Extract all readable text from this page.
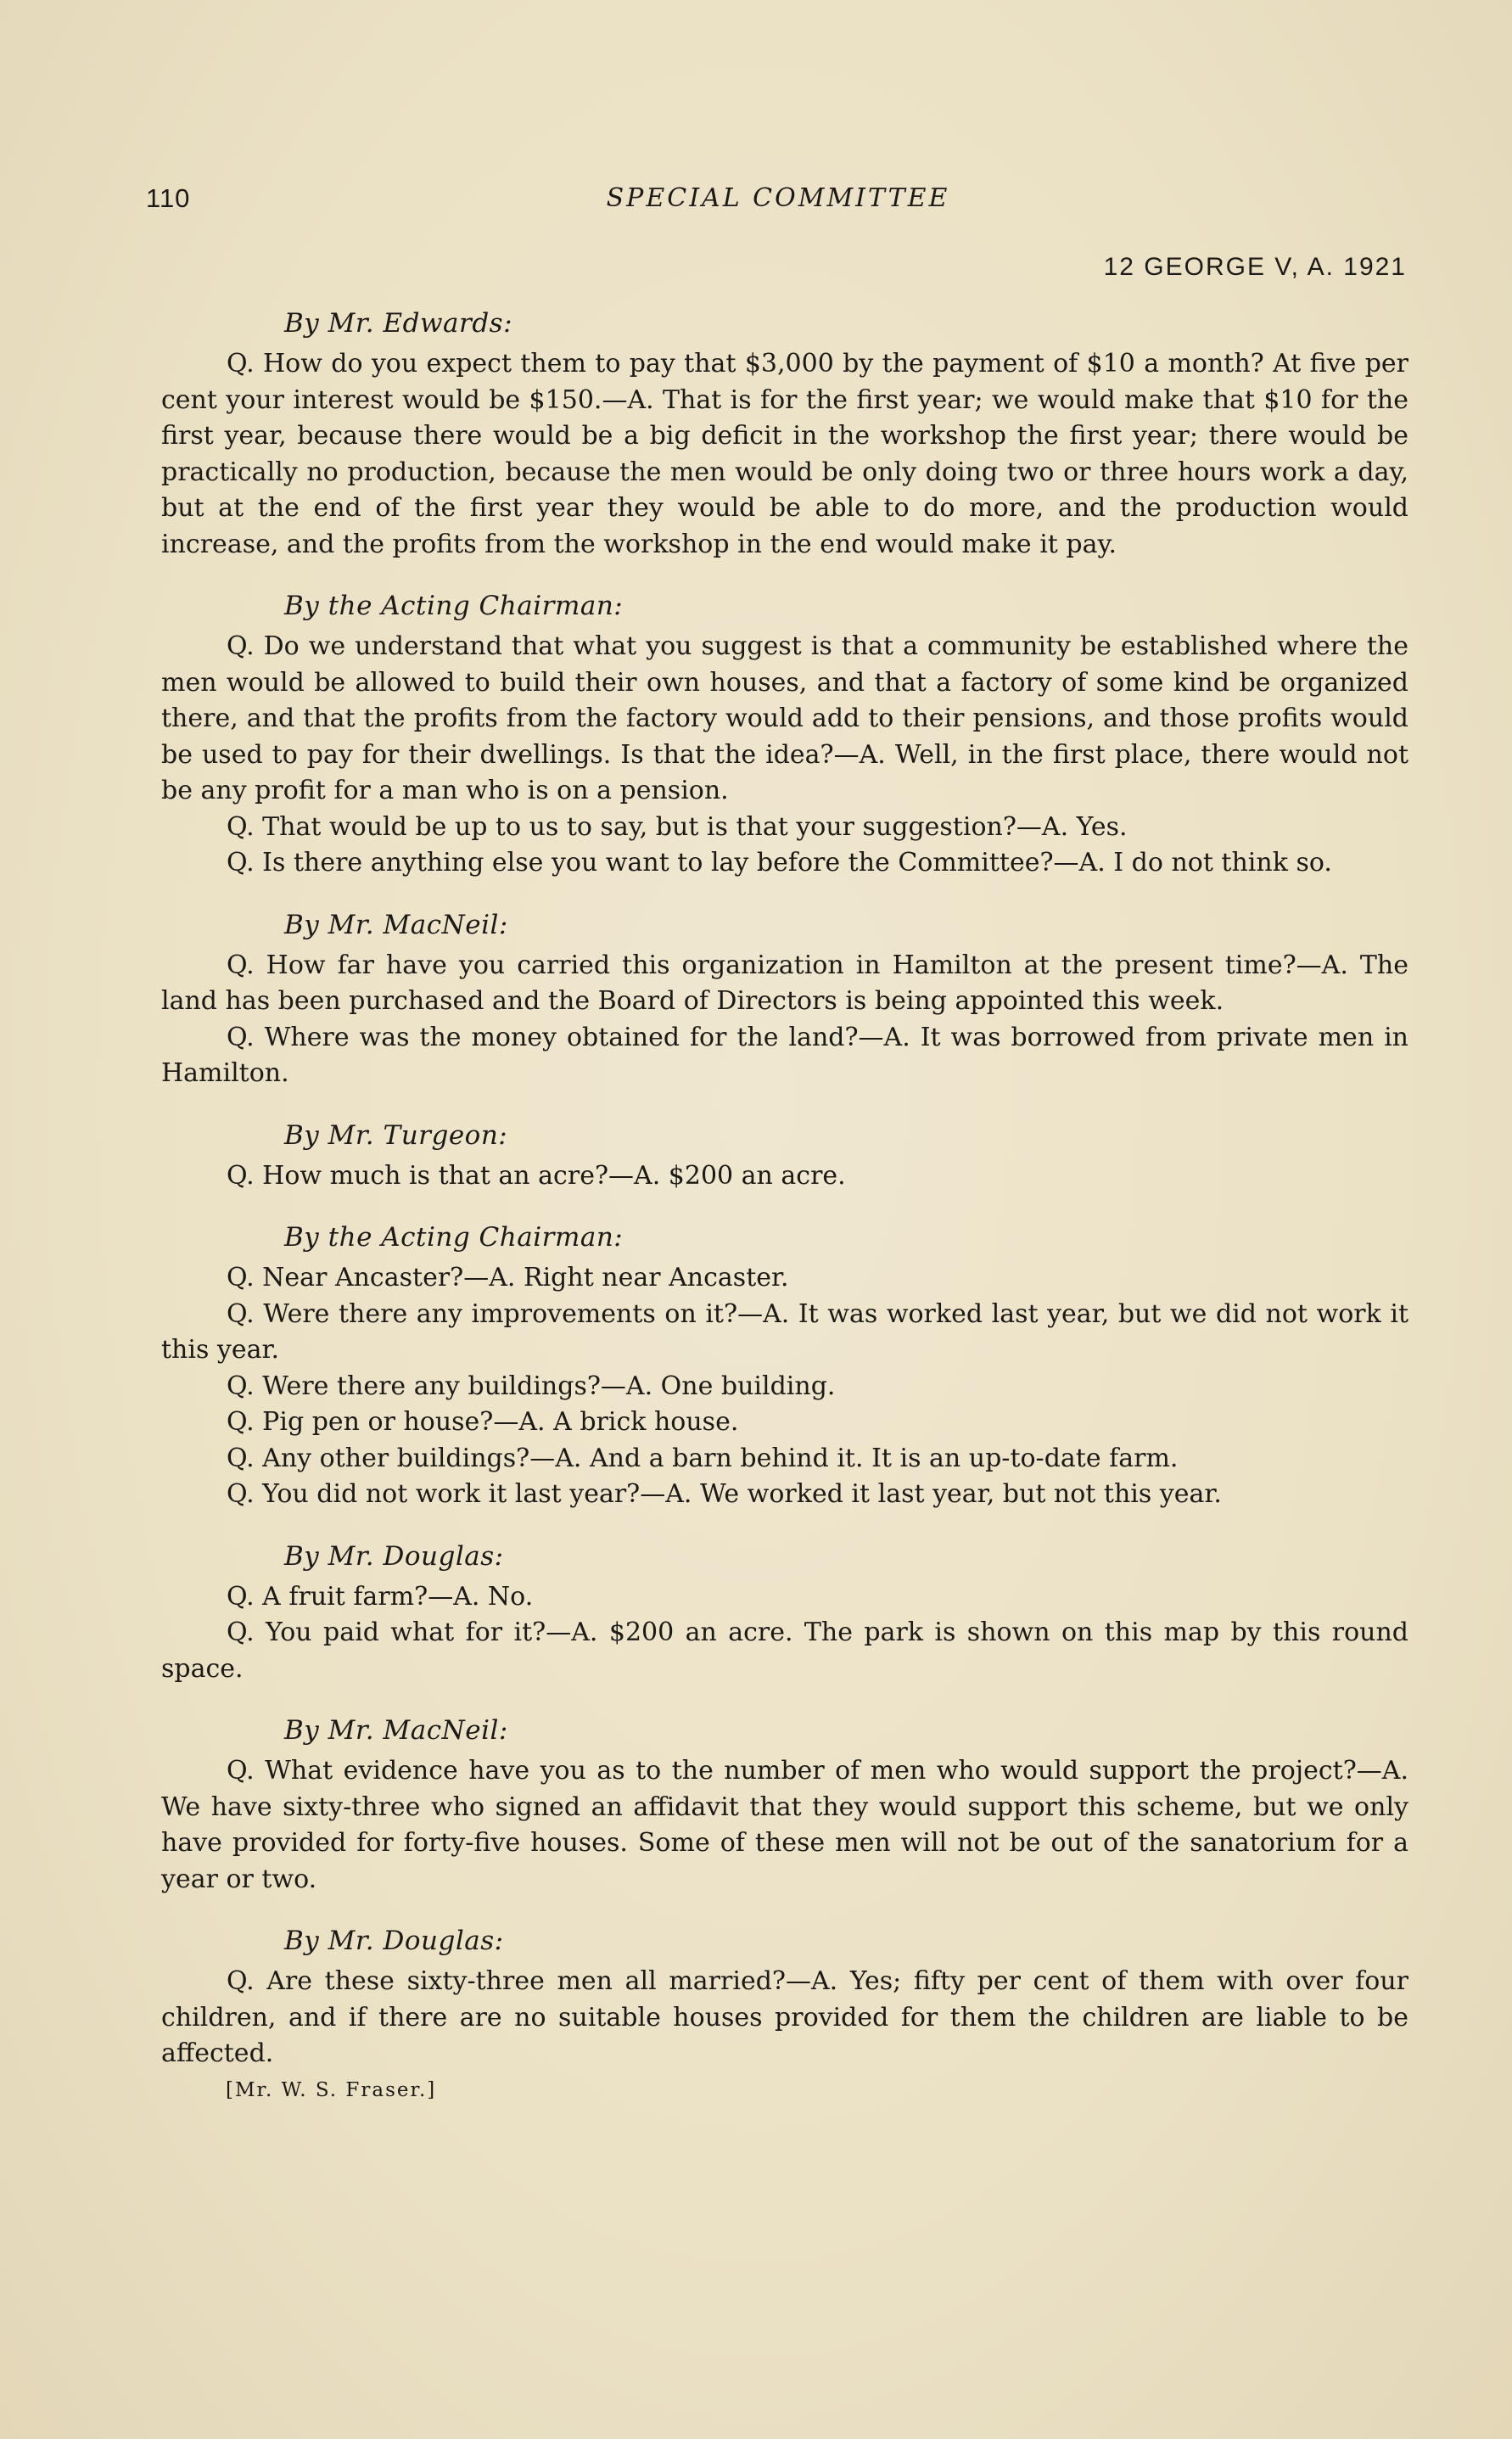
110	SPECIAL COMMITTEE
12 GEORGE V, A. 1921

By Mr. Edwards:

Q. How do you expect them to pay that $3,000 by the payment of $10 a month? At five per cent your interest would be $150.—A. That is for the first year; we would make that $10 for the first year, because there would be a big deficit in the workshop the first year; there would be practically no production, because the men would be only doing two or three hours work a day, but at the end of the first year they would be able to do more, and the production would increase, and the profits from the workshop in the end would make it pay.

By the Acting Chairman:

Q. Do we understand that what you suggest is that a community be established where the men would be allowed to build their own houses, and that a factory of some kind be organized there, and that the profits from the factory would add to their pensions, and those profits would be used to pay for their dwellings. Is that the idea?—A. Well, in the first place, there would not be any profit for a man who is on a pension.

Q. That would be up to us to say, but is that your suggestion?—A. Yes.

Q. Is there anything else you want to lay before the Committee?—A. I do not think so.

By Mr. MacNeil:

Q. How far have you carried this organization in Hamilton at the present time?—A. The land has been purchased and the Board of Directors is being appointed this week.

Q. Where was the money obtained for the land?—A. It was borrowed from private men in Hamilton.

By Mr. Turgeon:

Q. How much is that an acre?—A. $200 an acre.

By the Acting Chairman:

Q. Near Ancaster?—A. Right near Ancaster.

Q. Were there any improvements on it?—A. It was worked last year, but we did not work it this year.

Q. Were there any buildings?—A. One building.

Q. Pig pen or house?—A. A brick house.

Q. Any other buildings?—A. And a barn behind it. It is an up-to-date farm.

Q. You did not work it last year?—A. We worked it last year, but not this year.

By Mr. Douglas:

Q. A fruit farm?—A. No.

Q. You paid what for it?—A. $200 an acre. The park is shown on this map by this round space.

By Mr. MacNeil:

Q. What evidence have you as to the number of men who would support the project?—A. We have sixty-three who signed an affidavit that they would support this scheme, but we only have provided for forty-five houses. Some of these men will not be out of the sanatorium for a year or two.

By Mr. Douglas:

Q. Are these sixty-three men all married?—A. Yes; fifty per cent of them with over four children, and if there are no suitable houses provided for them the children are liable to be affected.

[Mr. W. S. Fraser.]
